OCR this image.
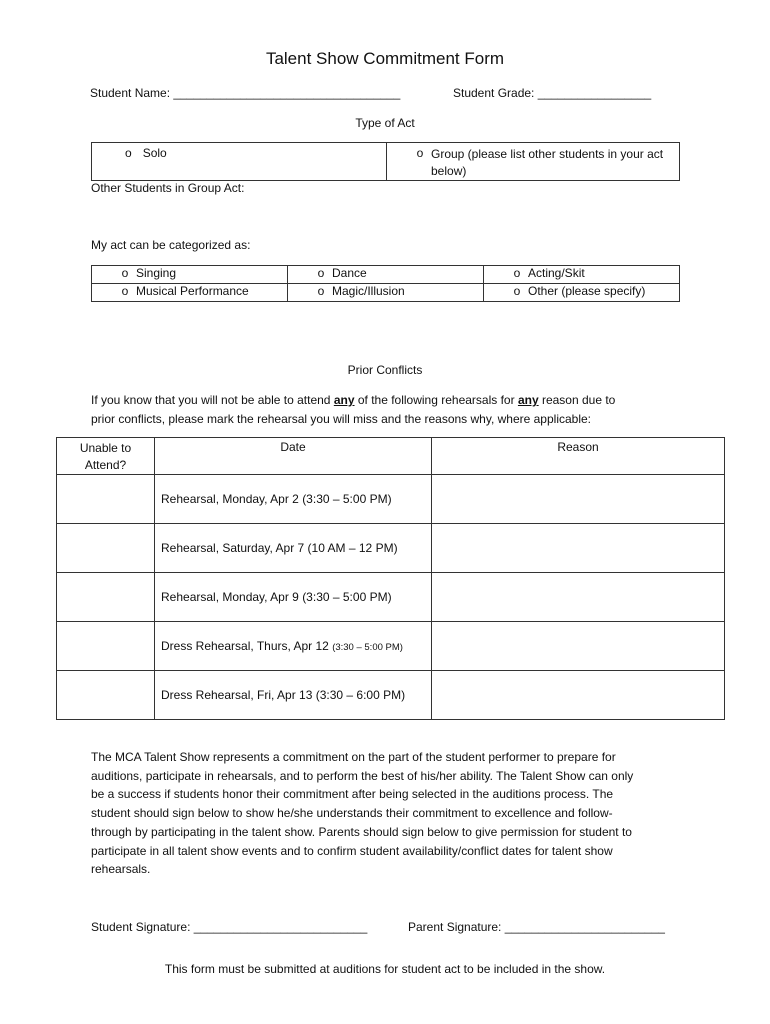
Talent Show Commitment Form
Student Name: __________________________________	Student Grade: _________________
Type of Act
o Solo	o Group (please list other students in your act below)
Other Students in Group Act:
My act can be categorized as:
o Singing	o Dance	o Acting/Skit
o Musical Performance	o Magic/Illusion	o Other (please specify)
Prior Conflicts
If you know that you will not be able to attend any of the following rehearsals for any reason due to
prior conflicts, please mark the rehearsal you will miss and the reasons why, where applicable:
Unable to Attend?	Date	Reason
	Rehearsal, Monday, Apr 2 (3:30 – 5:00 PM)	
	Rehearsal, Saturday, Apr 7 (10 AM – 12 PM)	
	Rehearsal, Monday, Apr 9 (3:30 – 5:00 PM)	
	Dress Rehearsal, Thurs, Apr 12 (3:30 – 5:00 PM)	
	Dress Rehearsal, Fri, Apr 13 (3:30 – 6:00 PM)	

The MCA Talent Show represents a commitment on the part of the student performer to prepare for

auditions, participate in rehearsals, and to perform the best of his/her ability. The Talent Show can only

be a success if students honor their commitment after being selected in the auditions process. The

student should sign below to show he/she understands their commitment to excellence and follow-

through by participating in the talent show. Parents should sign below to give permission for student to

participate in all talent show events and to confirm student availability/conflict dates for talent show

rehearsals.

Student Signature: __________________________	Parent Signature: ________________________
This form must be submitted at auditions for student act to be included in the show.
